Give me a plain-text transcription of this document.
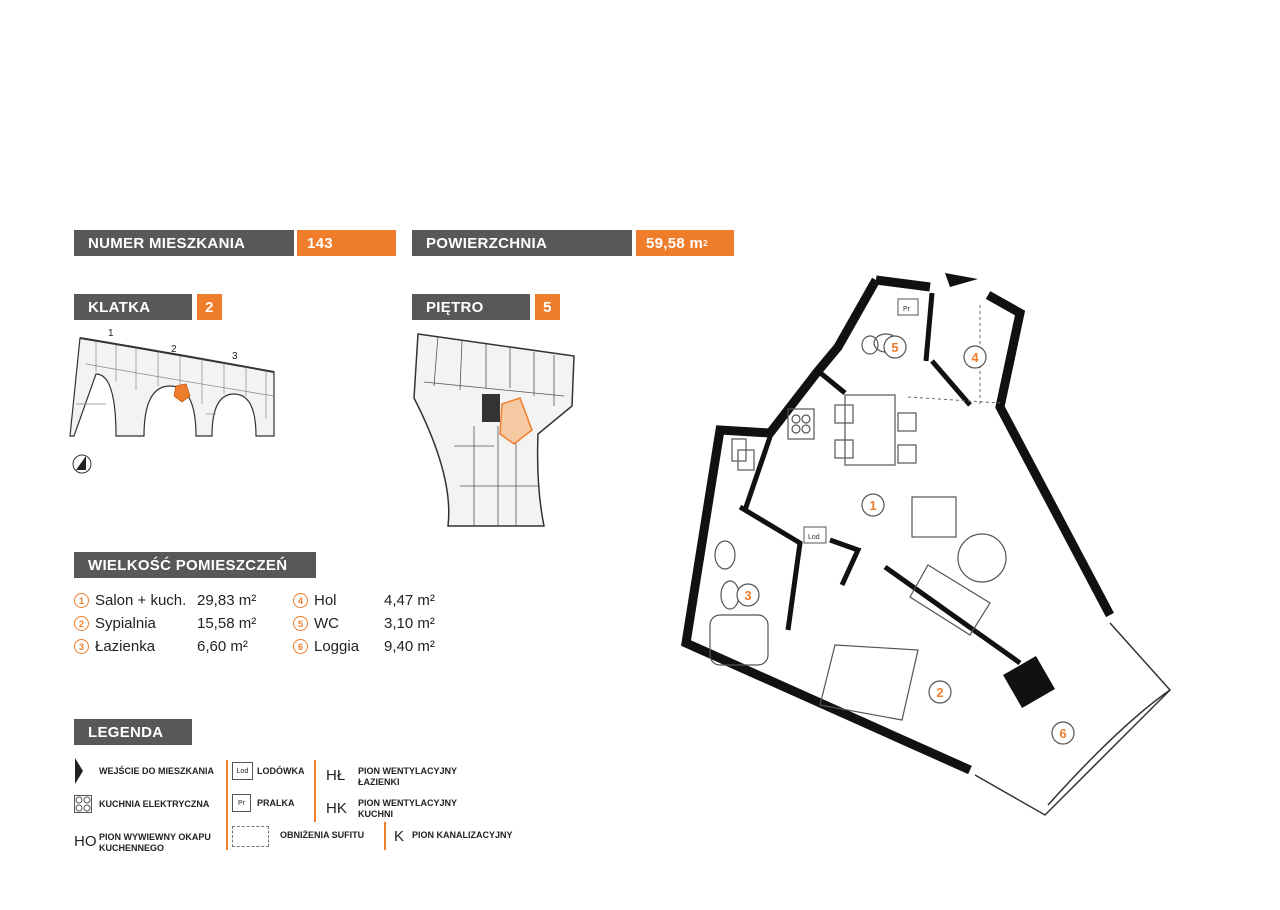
NUMER MIESZKANIA	143	POWIERZCHNIA	59,58 m 2
KLATKA	2	PIĘTRO	5
1
2
3
WIELKOŚĆ POMIESZCZEŃ
1 Salon + kuch. 29,83 m²
2 Sypialnia	15,58 m²
3 Łazienka	6,60 m²
4 Hol	4,47 m²
5 WC	3,10 m²
6 Loggia	9,40 m²
LEGENDA
WEJŚCIE DO MIESZKANIA
KUCHNIA ELEKTRYCZNA
HO PION WYWIEWNY OKAPU
KUCHENNEGO
Lod LODÓWKA
Pr	PRALKA
OBNIŻENIA SUFITU
HŁ PION WENTYLACYJNY
ŁAZIENKI
HK PION WENTYLACYJNY
KUCHNI
K PION KANALIZACYJNY
Lod
Pr
1
2
3
4
5
6
